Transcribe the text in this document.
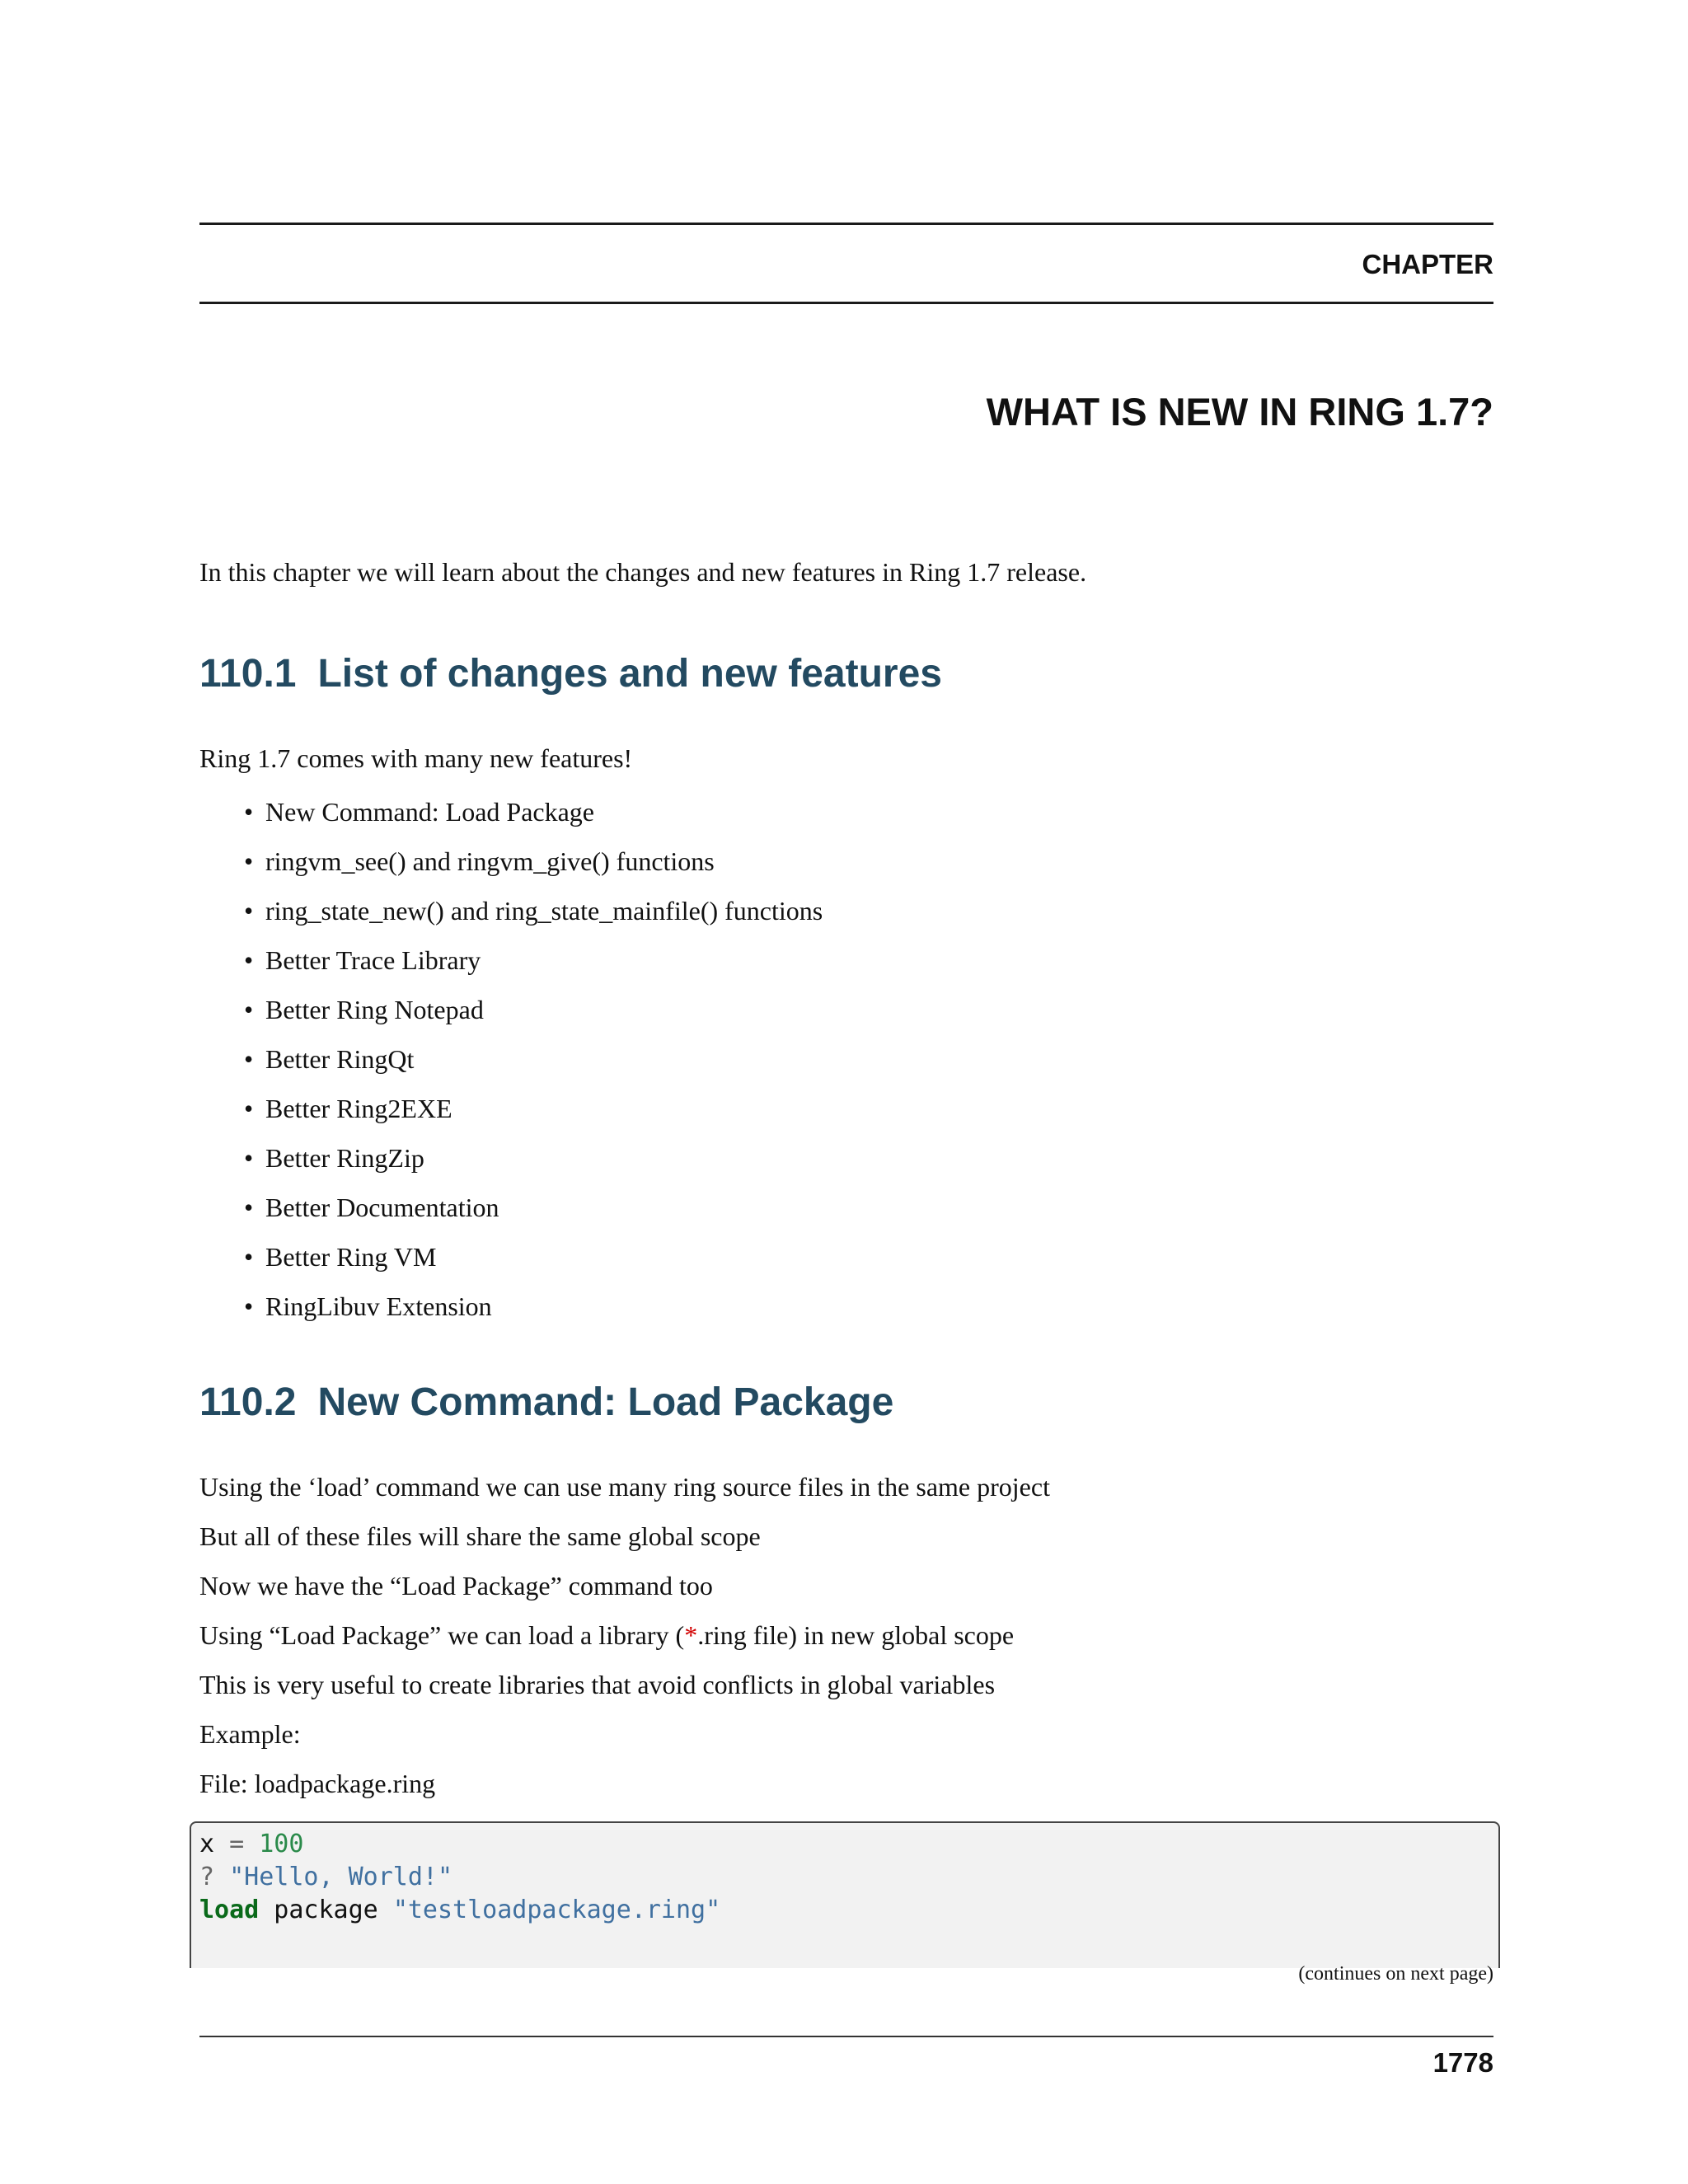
CHAPTER
WHAT IS NEW IN RING 1.7?
In this chapter we will learn about the changes and new features in Ring 1.7 release.
110.1 List of changes and new features
Ring 1.7 comes with many new features!
• New Command: Load Package
• ringvm_see() and ringvm_give() functions
• ring_state_new() and ring_state_mainfile() functions
• Better Trace Library
• Better Ring Notepad
• Better RingQt
• Better Ring2EXE
• Better RingZip
• Better Documentation
• Better Ring VM
• RingLibuv Extension
110.2 New Command: Load Package
Using the ‘load’ command we can use many ring source files in the same project
But all of these files will share the same global scope
Now we have the “Load Package” command too
Using “Load Package” we can load a library (*.ring file) in new global scope
This is very useful to create libraries that avoid conflicts in global variables
Example:
File: loadpackage.ring
x = 100
? "Hello, World!"
load package "testloadpackage.ring"
(continues on next page)
1778
